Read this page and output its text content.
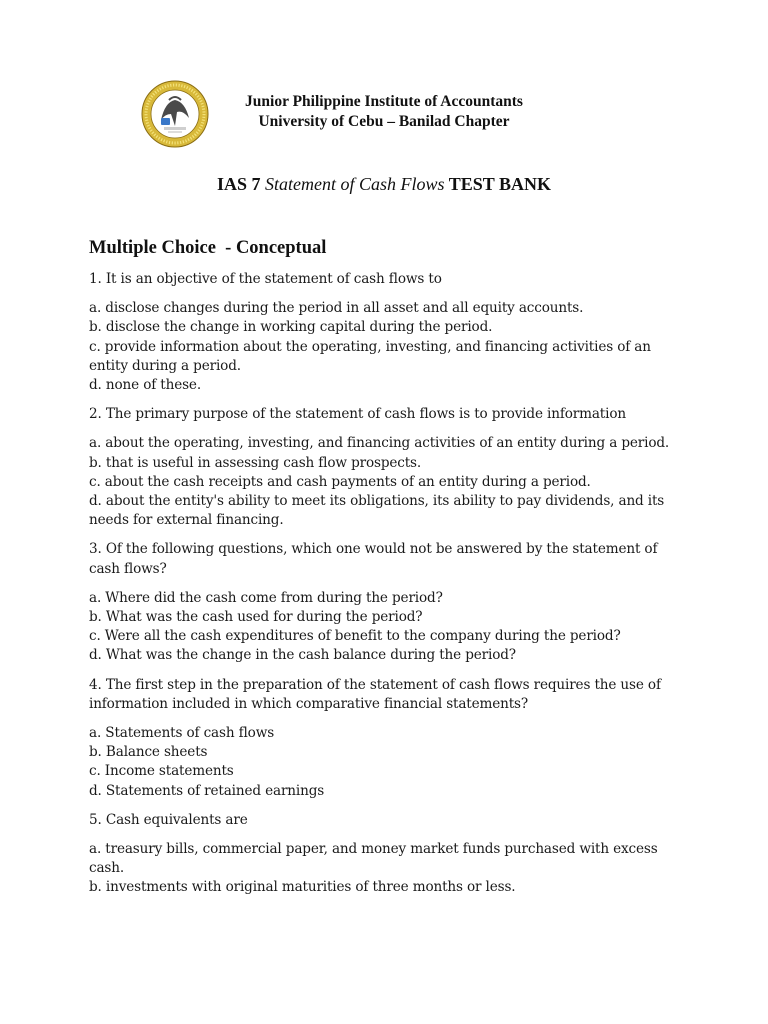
Junior Philippine Institute of Accountants
University of Cebu – Banilad Chapter
IAS 7 Statement of Cash Flows TEST BANK
Multiple Choice  - Conceptual
1. It is an objective of the statement of cash flows to
a. disclose changes during the period in all asset and all equity accounts.
b. disclose the change in working capital during the period.
c. provide information about the operating, investing, and financing activities of an entity during a period.
d. none of these.
2. The primary purpose of the statement of cash flows is to provide information
a. about the operating, investing, and financing activities of an entity during a period.
b. that is useful in assessing cash flow prospects.
c. about the cash receipts and cash payments of an entity during a period.
d. about the entity's ability to meet its obligations, its ability to pay dividends, and its needs for external financing.
3. Of the following questions, which one would not be answered by the statement of cash flows?
a. Where did the cash come from during the period?
b. What was the cash used for during the period?
c. Were all the cash expenditures of benefit to the company during the period?
d. What was the change in the cash balance during the period?
4. The first step in the preparation of the statement of cash flows requires the use of information included in which comparative financial statements?
a. Statements of cash flows
b. Balance sheets
c. Income statements
d. Statements of retained earnings
5. Cash equivalents are
a. treasury bills, commercial paper, and money market funds purchased with excess cash.
b. investments with original maturities of three months or less.
